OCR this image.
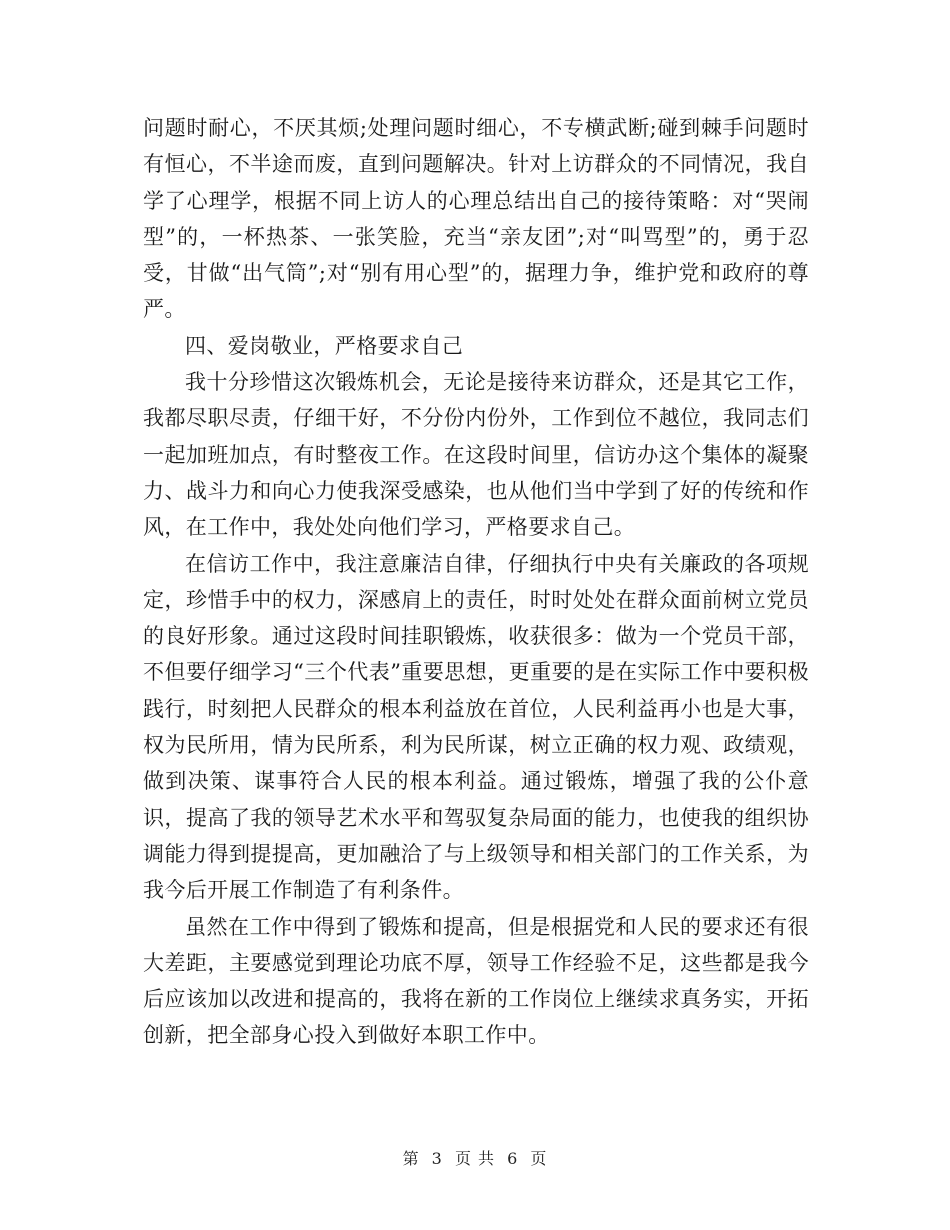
问题时耐心，不厌其烦;处理问题时细心，不专横武断;碰到棘手问题时有恒心，不半途而废，直到问题解决。针对上访群众的不同情况，我自学了心理学，根据不同上访人的心理总结出自己的接待策略：对“哭闹型”的，一杯热茶、一张笑脸，充当“亲友团”;对“叫骂型”的，勇于忍受，甘做“出气筒”;对“别有用心型”的，据理力争，维护党和政府的尊严。

四、爱岗敬业，严格要求自己

我十分珍惜这次锻炼机会，无论是接待来访群众，还是其它工作，我都尽职尽责，仔细干好，不分份内份外，工作到位不越位，我同志们一起加班加点，有时整夜工作。在这段时间里，信访办这个集体的凝聚力、战斗力和向心力使我深受感染，也从他们当中学到了好的传统和作风，在工作中，我处处向他们学习，严格要求自己。

在信访工作中，我注意廉洁自律，仔细执行中央有关廉政的各项规定，珍惜手中的权力，深感肩上的责任，时时处处在群众面前树立党员的良好形象。通过这段时间挂职锻炼，收获很多：做为一个党员干部，不但要仔细学习“三个代表”重要思想，更重要的是在实际工作中要积极践行，时刻把人民群众的根本利益放在首位，人民利益再小也是大事，权为民所用，情为民所系，利为民所谋，树立正确的权力观、政绩观，做到决策、谋事符合人民的根本利益。通过锻炼，增强了我的公仆意识，提高了我的领导艺术水平和驾驭复杂局面的能力，也使我的组织协调能力得到提提高，更加融洽了与上级领导和相关部门的工作关系，为我今后开展工作制造了有利条件。

虽然在工作中得到了锻炼和提高，但是根据党和人民的要求还有很大差距，主要感觉到理论功底不厚，领导工作经验不足，这些都是我今后应该加以改进和提高的，我将在新的工作岗位上继续求真务实，开拓创新，把全部身心投入到做好本职工作中。

第 3 页 共 6 页
